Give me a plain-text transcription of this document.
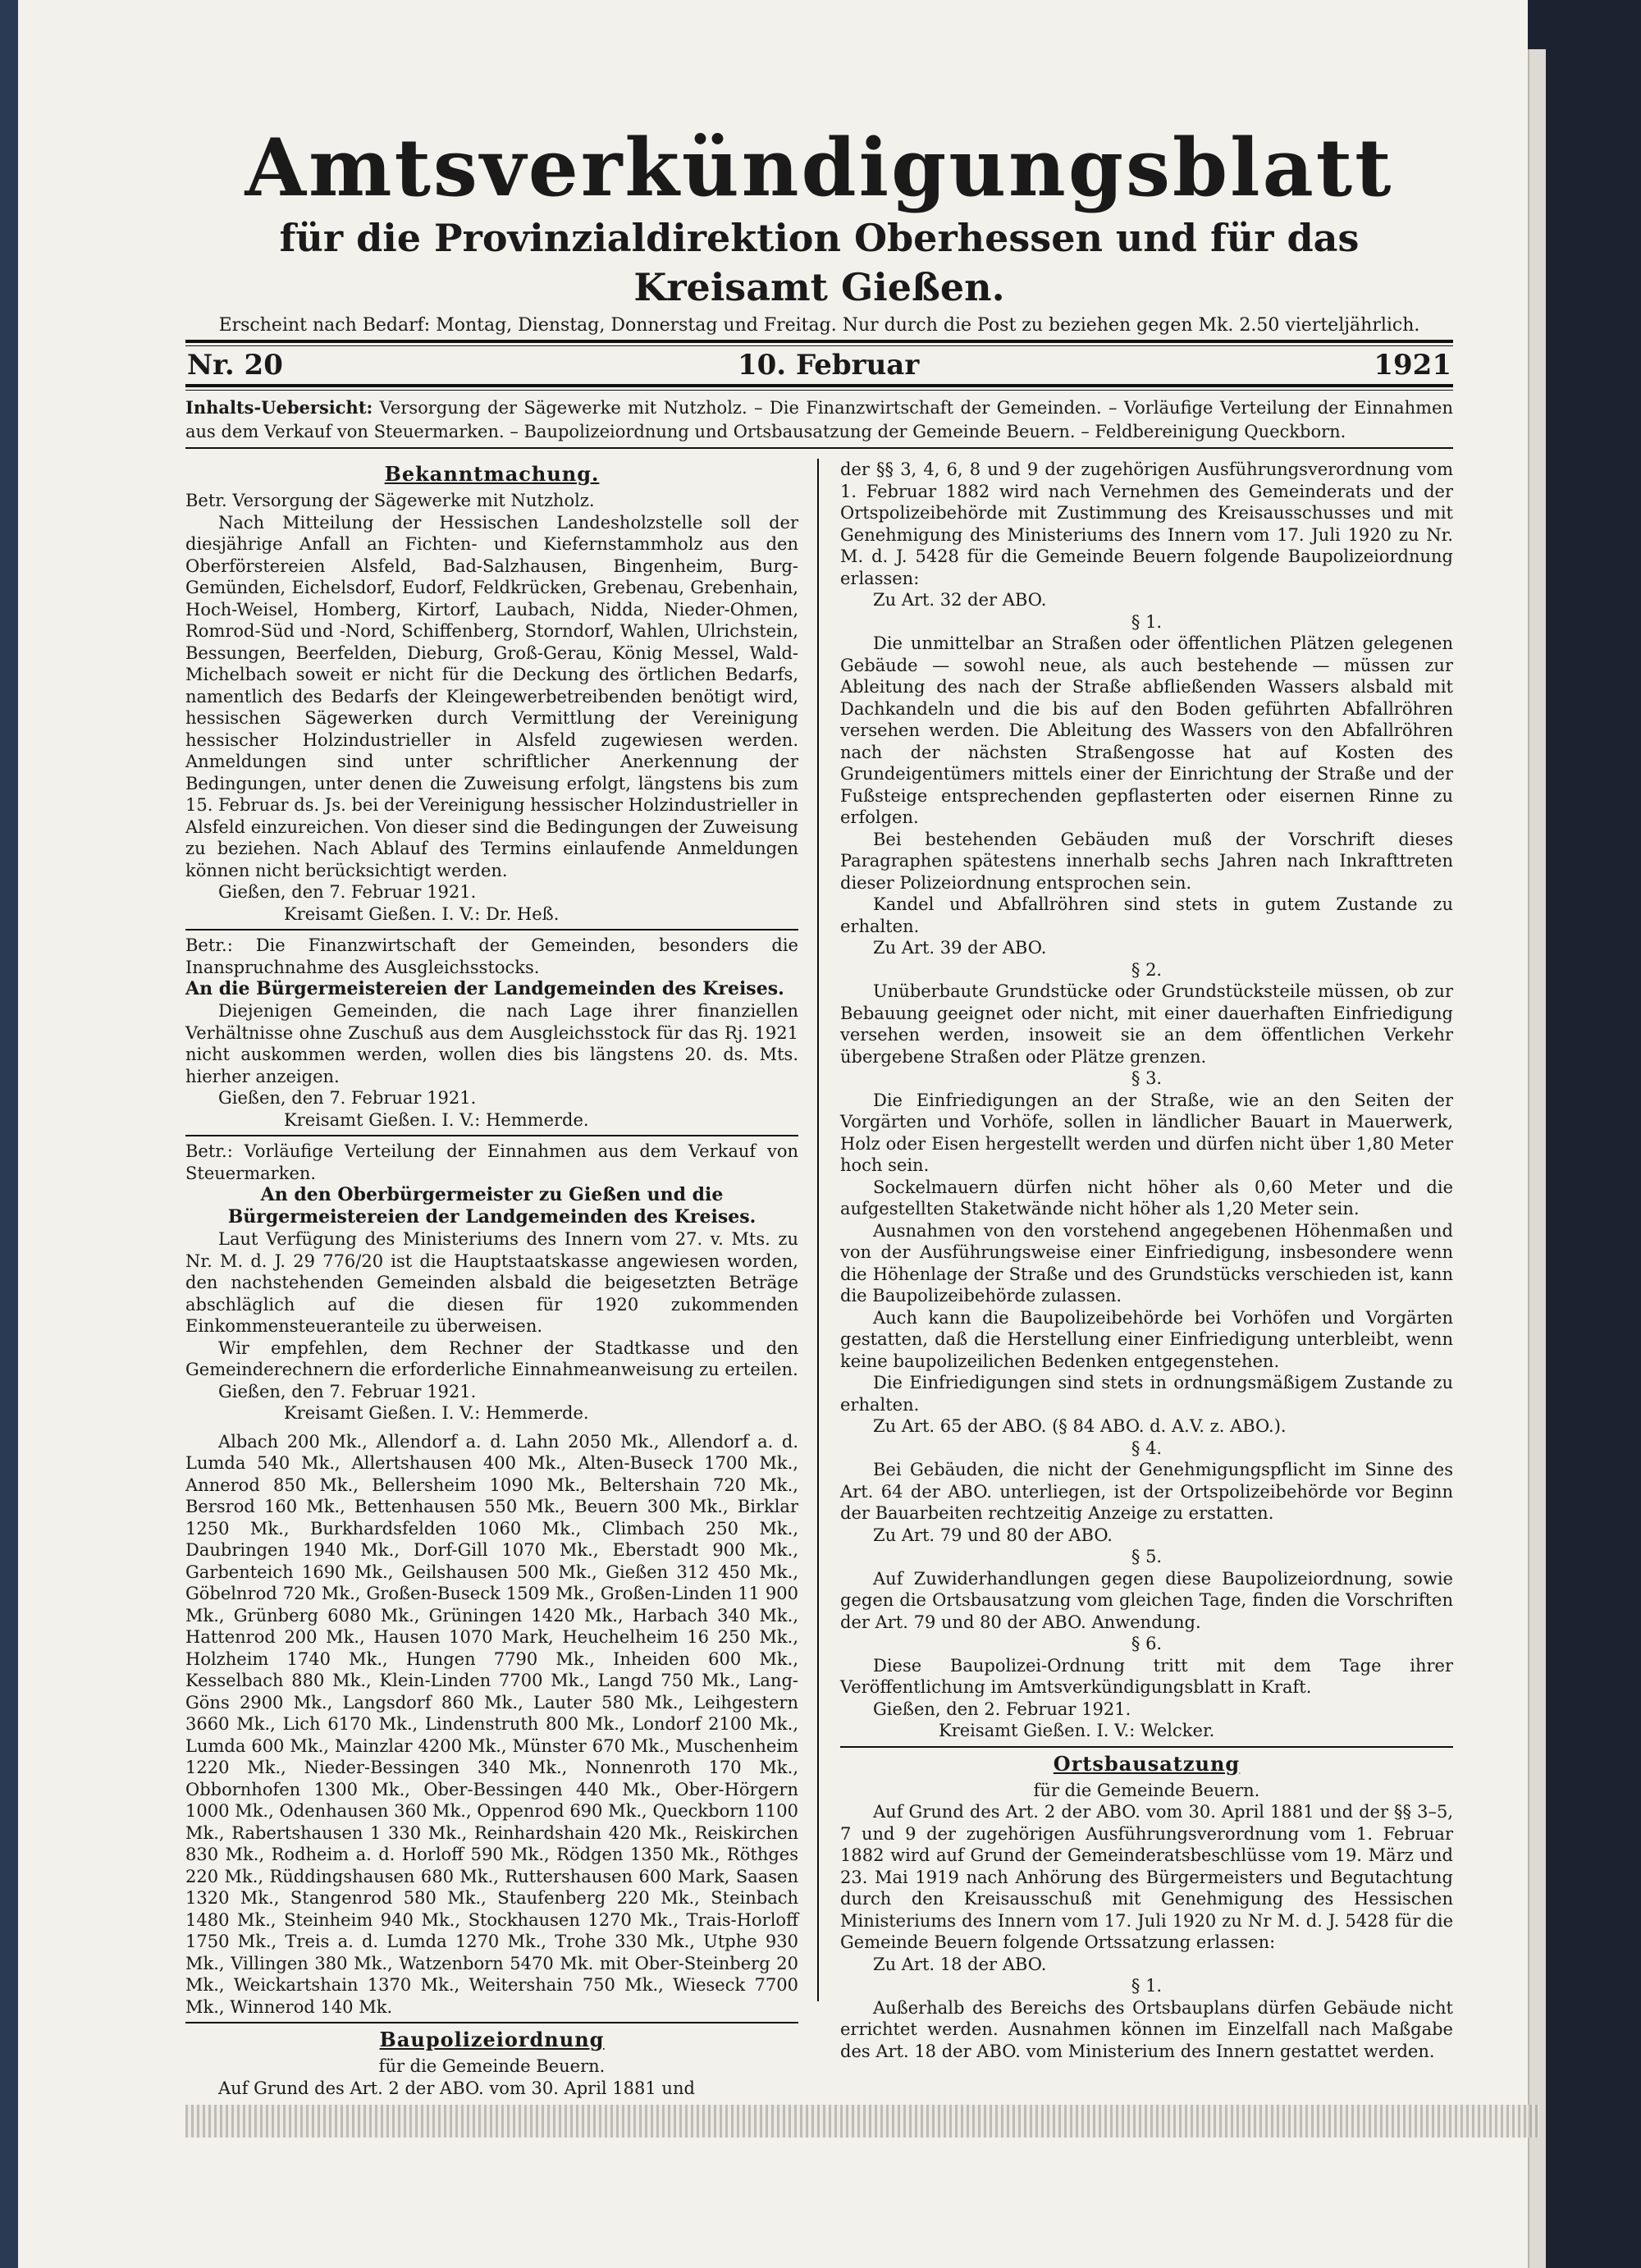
Amtsverkündigungsblatt
für die Provinzialdirektion Oberhessen und für das Kreisamt Gießen.

Erscheint nach Bedarf: Montag, Dienstag, Donnerstag und Freitag. Nur durch die Post zu beziehen gegen Mk. 2.50 vierteljährlich.

Nr. 20	10. Februar	1921
Inhalts-Uebersicht: Versorgung der Sägewerke mit Nutzholz. – Die Finanzwirtschaft der Gemeinden. – Vorläufige Verteilung der Einnahmen aus dem Verkauf von Steuermarken. – Baupolizeiordnung und Ortsbausatzung der Gemeinde Beuern. – Feldbereinigung Queckborn.
Bekanntmachung.

Betr. Versorgung der Sägewerke mit Nutzholz.

Nach Mitteilung der Hessischen Landesholzstelle soll der diesjährige Anfall an Fichten- und Kiefernstammholz aus den Oberförstereien Alsfeld, Bad-Salzhausen, Bingenheim, Burg-Gemünden, Eichelsdorf, Eudorf, Feldkrücken, Grebenau, Grebenhain, Hoch-Weisel, Homberg, Kirtorf, Laubach, Nidda, Nieder-Ohmen, Romrod-Süd und -Nord, Schiffenberg, Storndorf, Wahlen, Ulrichstein, Bessungen, Beerfelden, Dieburg, Groß-Gerau, König Messel, Wald-Michelbach soweit er nicht für die Deckung des örtlichen Bedarfs, namentlich des Bedarfs der Kleingewerbetreibenden benötigt wird, hessischen Sägewerken durch Vermittlung der Vereinigung hessischer Holzindustrieller in Alsfeld zugewiesen werden. Anmeldungen sind unter schriftlicher Anerkennung der Bedingungen, unter denen die Zuweisung erfolgt, längstens bis zum 15. Februar ds. Js. bei der Vereinigung hessischer Holzindustrieller in Alsfeld einzureichen. Von dieser sind die Bedingungen der Zuweisung zu beziehen. Nach Ablauf des Termins einlaufende Anmeldungen können nicht berücksichtigt werden.

Gießen, den 7. Februar 1921.

Kreisamt Gießen. I. V.: Dr. Heß.

Betr.: Die Finanzwirtschaft der Gemeinden, besonders die Inanspruchnahme des Ausgleichsstocks.

An die Bürgermeistereien der Landgemeinden des Kreises.

Diejenigen Gemeinden, die nach Lage ihrer finanziellen Verhältnisse ohne Zuschuß aus dem Ausgleichsstock für das Rj. 1921 nicht auskommen werden, wollen dies bis längstens 20. ds. Mts. hierher anzeigen.

Gießen, den 7. Februar 1921.

Kreisamt Gießen. I. V.: Hemmerde.

Betr.: Vorläufige Verteilung der Einnahmen aus dem Verkauf von Steuermarken.

An den Oberbürgermeister zu Gießen und die Bürgermeistereien der Landgemeinden des Kreises.

Laut Verfügung des Ministeriums des Innern vom 27. v. Mts. zu Nr. M. d. J. 29 776/20 ist die Hauptstaatskasse angewiesen worden, den nachstehenden Gemeinden alsbald die beigesetzten Beträge abschläglich auf die diesen für 1920 zukommenden Einkommensteueranteile zu überweisen.

Wir empfehlen, dem Rechner der Stadtkasse und den Gemeinderechnern die erforderliche Einnahmeanweisung zu erteilen.

Gießen, den 7. Februar 1921.

Kreisamt Gießen. I. V.: Hemmerde.

Albach 200 Mk., Allendorf a. d. Lahn 2050 Mk., Allendorf a. d. Lumda 540 Mk., Allertshausen 400 Mk., Alten-Buseck 1700 Mk., Annerod 850 Mk., Bellersheim 1090 Mk., Beltershain 720 Mk., Bersrod 160 Mk., Bettenhausen 550 Mk., Beuern 300 Mk., Birklar 1250 Mk., Burkhardsfelden 1060 Mk., Climbach 250 Mk., Daubringen 1940 Mk., Dorf-Gill 1070 Mk., Eberstadt 900 Mk., Garbenteich 1690 Mk., Geilshausen 500 Mk., Gießen 312 450 Mk., Göbelnrod 720 Mk., Großen-Buseck 1509 Mk., Großen-Linden 11 900 Mk., Grünberg 6080 Mk., Grüningen 1420 Mk., Harbach 340 Mk., Hattenrod 200 Mk., Hausen 1070 Mark, Heuchelheim 16 250 Mk., Holzheim 1740 Mk., Hungen 7790 Mk., Inheiden 600 Mk., Kesselbach 880 Mk., Klein-Linden 7700 Mk., Langd 750 Mk., Lang-Göns 2900 Mk., Langsdorf 860 Mk., Lauter 580 Mk., Leihgestern 3660 Mk., Lich 6170 Mk., Lindenstruth 800 Mk., Londorf 2100 Mk., Lumda 600 Mk., Mainzlar 4200 Mk., Münster 670 Mk., Muschenheim 1220 Mk., Nieder-Bessingen 340 Mk., Nonnenroth 170 Mk., Obbornhofen 1300 Mk., Ober-Bessingen 440 Mk., Ober-Hörgern 1000 Mk., Odenhausen 360 Mk., Oppenrod 690 Mk., Queckborn 1100 Mk., Rabertshausen 1 330 Mk., Reinhardshain 420 Mk., Reiskirchen 830 Mk., Rodheim a. d. Horloff 590 Mk., Rödgen 1350 Mk., Röthges 220 Mk., Rüddingshausen 680 Mk., Ruttershausen 600 Mark, Saasen 1320 Mk., Stangenrod 580 Mk., Staufenberg 220 Mk., Steinbach 1480 Mk., Steinheim 940 Mk., Stockhausen 1270 Mk., Trais-Horloff 1750 Mk., Treis a. d. Lumda 1270 Mk., Trohe 330 Mk., Utphe 930 Mk., Villingen 380 Mk., Watzenborn 5470 Mk. mit Ober-Steinberg 20 Mk., Weickartshain 1370 Mk., Weitershain 750 Mk., Wieseck 7700 Mk., Winnerod 140 Mk.

Baupolizeiordnung

für die Gemeinde Beuern.

Auf Grund des Art. 2 der ABO. vom 30. April 1881 und

der §§ 3, 4, 6, 8 und 9 der zugehörigen Ausführungsverordnung vom 1. Februar 1882 wird nach Vernehmen des Gemeinderats und der Ortspolizeibehörde mit Zustimmung des Kreisausschusses und mit Genehmigung des Ministeriums des Innern vom 17. Juli 1920 zu Nr. M. d. J. 5428 für die Gemeinde Beuern folgende Baupolizeiordnung erlassen:

Zu Art. 32 der ABO.

§ 1.

Die unmittelbar an Straßen oder öffentlichen Plätzen gelegenen Gebäude — sowohl neue, als auch bestehende — müssen zur Ableitung des nach der Straße abfließenden Wassers alsbald mit Dachkandeln und die bis auf den Boden geführten Abfallröhren versehen werden. Die Ableitung des Wassers von den Abfallröhren nach der nächsten Straßengosse hat auf Kosten des Grundeigentümers mittels einer der Einrichtung der Straße und der Fußsteige entsprechenden gepflasterten oder eisernen Rinne zu erfolgen.

Bei bestehenden Gebäuden muß der Vorschrift dieses Paragraphen spätestens innerhalb sechs Jahren nach Inkrafttreten dieser Polizeiordnung entsprochen sein.

Kandel und Abfallröhren sind stets in gutem Zustande zu erhalten.

Zu Art. 39 der ABO.

§ 2.

Unüberbaute Grundstücke oder Grundstücksteile müssen, ob zur Bebauung geeignet oder nicht, mit einer dauerhaften Einfriedigung versehen werden, insoweit sie an dem öffentlichen Verkehr übergebene Straßen oder Plätze grenzen.

§ 3.

Die Einfriedigungen an der Straße, wie an den Seiten der Vorgärten und Vorhöfe, sollen in ländlicher Bauart in Mauerwerk, Holz oder Eisen hergestellt werden und dürfen nicht über 1,80 Meter hoch sein.

Sockelmauern dürfen nicht höher als 0,60 Meter und die aufgestellten Staketwände nicht höher als 1,20 Meter sein.

Ausnahmen von den vorstehend angegebenen Höhenmaßen und von der Ausführungsweise einer Einfriedigung, insbesondere wenn die Höhenlage der Straße und des Grundstücks verschieden ist, kann die Baupolizeibehörde zulassen.

Auch kann die Baupolizeibehörde bei Vorhöfen und Vorgärten gestatten, daß die Herstellung einer Einfriedigung unterbleibt, wenn keine baupolizeilichen Bedenken entgegenstehen.

Die Einfriedigungen sind stets in ordnungsmäßigem Zustande zu erhalten.

Zu Art. 65 der ABO. (§ 84 ABO. d. A.V. z. ABO.).

§ 4.

Bei Gebäuden, die nicht der Genehmigungspflicht im Sinne des Art. 64 der ABO. unterliegen, ist der Ortspolizeibehörde vor Beginn der Bauarbeiten rechtzeitig Anzeige zu erstatten.

Zu Art. 79 und 80 der ABO.

§ 5.

Auf Zuwiderhandlungen gegen diese Baupolizeiordnung, sowie gegen die Ortsbausatzung vom gleichen Tage, finden die Vorschriften der Art. 79 und 80 der ABO. Anwendung.

§ 6.

Diese Baupolizei-Ordnung tritt mit dem Tage ihrer Veröffentlichung im Amtsverkündigungsblatt in Kraft.

Gießen, den 2. Februar 1921.

Kreisamt Gießen. I. V.: Welcker.

Ortsbausatzung

für die Gemeinde Beuern.

Auf Grund des Art. 2 der ABO. vom 30. April 1881 und der §§ 3–5, 7 und 9 der zugehörigen Ausführungsverordnung vom 1. Februar 1882 wird auf Grund der Gemeinderatsbeschlüsse vom 19. März und 23. Mai 1919 nach Anhörung des Bürgermeisters und Begutachtung durch den Kreisausschuß mit Genehmigung des Hessischen Ministeriums des Innern vom 17. Juli 1920 zu Nr M. d. J. 5428 für die Gemeinde Beuern folgende Ortssatzung erlassen:

Zu Art. 18 der ABO.

§ 1.

Außerhalb des Bereichs des Ortsbauplans dürfen Gebäude nicht errichtet werden. Ausnahmen können im Einzelfall nach Maßgabe des Art. 18 der ABO. vom Ministerium des Innern gestattet werden.
